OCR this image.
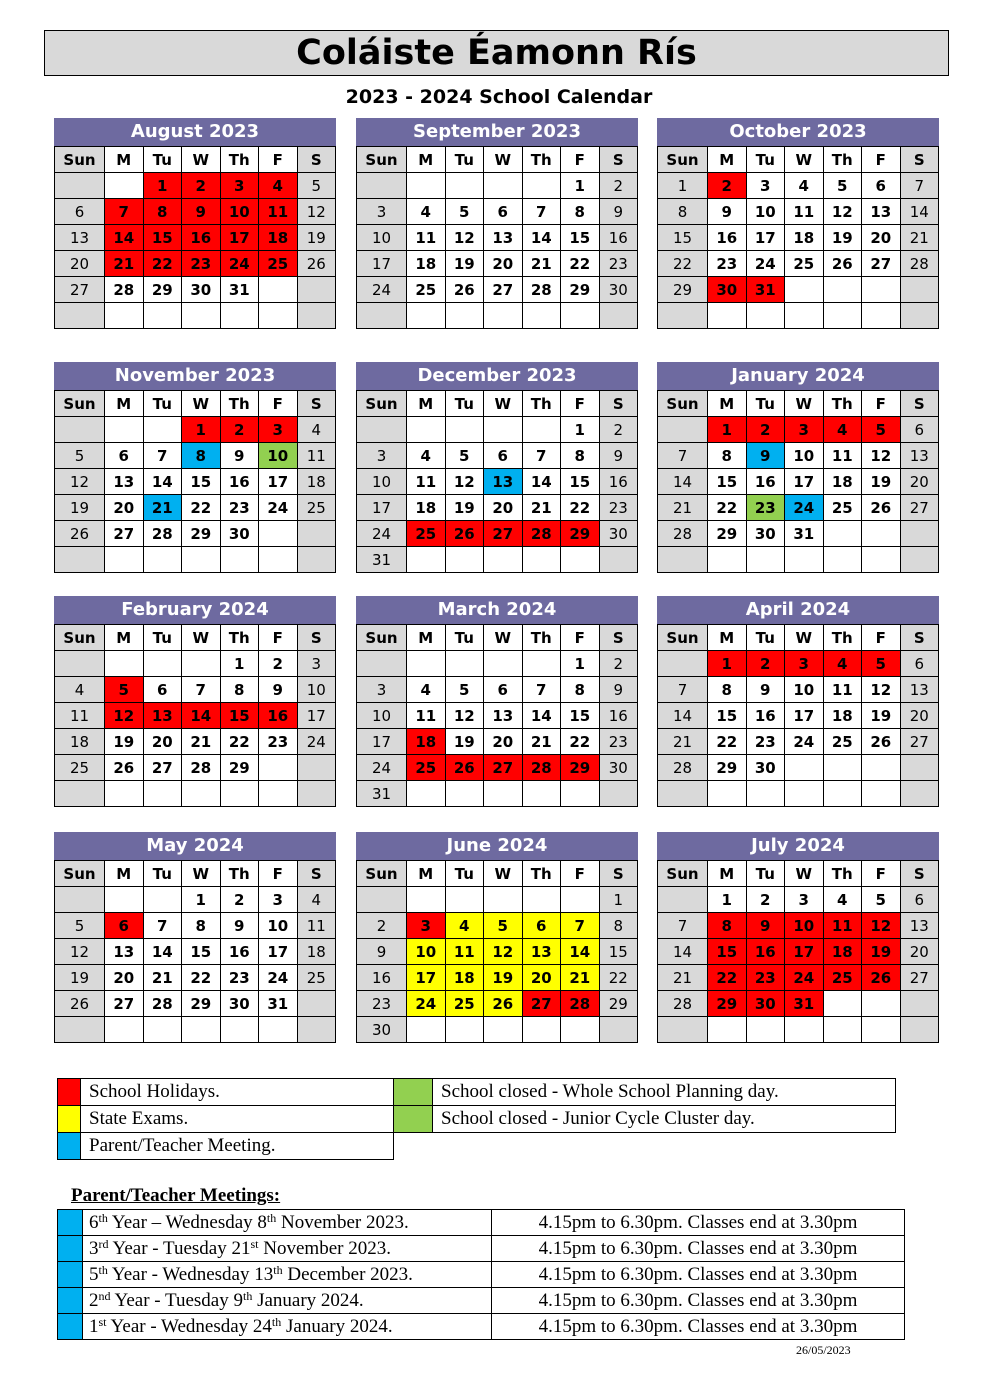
Coláiste Éamonn Rís
2023 - 2024 School Calendar
August 2023
Sun	M	Tu	W	Th	F	S
		1	2	3	4	5
6	7	8	9	10	11	12
13	14	15	16	17	18	19
20	21	22	23	24	25	26
27	28	29	30	31		

September 2023
Sun	M	Tu	W	Th	F	S
					1	2
3	4	5	6	7	8	9
10	11	12	13	14	15	16
17	18	19	20	21	22	23
24	25	26	27	28	29	30

October 2023
Sun	M	Tu	W	Th	F	S
1	2	3	4	5	6	7
8	9	10	11	12	13	14
15	16	17	18	19	20	21
22	23	24	25	26	27	28
29	30	31				

November 2023
Sun	M	Tu	W	Th	F	S
			1	2	3	4
5	6	7	8	9	10	11
12	13	14	15	16	17	18
19	20	21	22	23	24	25
26	27	28	29	30		

December 2023
Sun	M	Tu	W	Th	F	S
					1	2
3	4	5	6	7	8	9
10	11	12	13	14	15	16
17	18	19	20	21	22	23
24	25	26	27	28	29	30
31						
January 2024
Sun	M	Tu	W	Th	F	S
	1	2	3	4	5	6
7	8	9	10	11	12	13
14	15	16	17	18	19	20
21	22	23	24	25	26	27
28	29	30	31			

February 2024
Sun	M	Tu	W	Th	F	S
				1	2	3
4	5	6	7	8	9	10
11	12	13	14	15	16	17
18	19	20	21	22	23	24
25	26	27	28	29		

March 2024
Sun	M	Tu	W	Th	F	S
					1	2
3	4	5	6	7	8	9
10	11	12	13	14	15	16
17	18	19	20	21	22	23
24	25	26	27	28	29	30
31						
April 2024
Sun	M	Tu	W	Th	F	S
	1	2	3	4	5	6
7	8	9	10	11	12	13
14	15	16	17	18	19	20
21	22	23	24	25	26	27
28	29	30				

May 2024
Sun	M	Tu	W	Th	F	S
			1	2	3	4
5	6	7	8	9	10	11
12	13	14	15	16	17	18
19	20	21	22	23	24	25
26	27	28	29	30	31	

June 2024
Sun	M	Tu	W	Th	F	S
						1
2	3	4	5	6	7	8
9	10	11	12	13	14	15
16	17	18	19	20	21	22
23	24	25	26	27	28	29
30						
July 2024
Sun	M	Tu	W	Th	F	S
	1	2	3	4	5	6
7	8	9	10	11	12	13
14	15	16	17	18	19	20
21	22	23	24	25	26	27
28	29	30	31			

	School Holidays.		School closed - Whole School Planning day.
	State Exams.		School closed - Junior Cycle Cluster day.
	Parent/Teacher Meeting.		
Parent/Teacher Meetings:
	6th Year – Wednesday 8th November 2023.	4.15pm to 6.30pm. Classes end at 3.30pm
	3rd Year - Tuesday 21st November 2023.	4.15pm to 6.30pm. Classes end at 3.30pm
	5th Year - Wednesday 13th December 2023.	4.15pm to 6.30pm. Classes end at 3.30pm
	2nd Year - Tuesday 9th January 2024.	4.15pm to 6.30pm. Classes end at 3.30pm
	1st Year - Wednesday 24th January 2024.	4.15pm to 6.30pm. Classes end at 3.30pm
26/05/2023
